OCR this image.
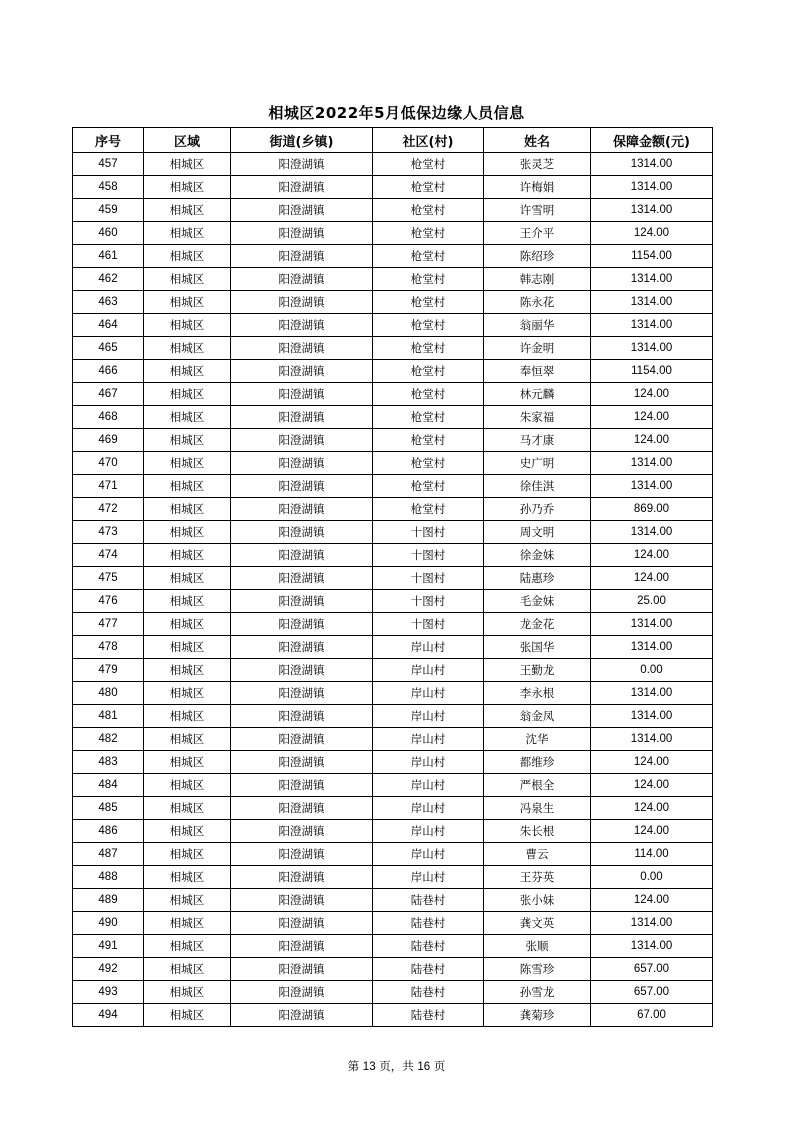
相城区2022年5月低保边缘人员信息
序号	区域	街道(乡镇)	社区(村)	姓名	保障金额(元)
457	相城区	阳澄湖镇	枪堂村	张灵芝	1314.00
458	相城区	阳澄湖镇	枪堂村	许梅娟	1314.00
459	相城区	阳澄湖镇	枪堂村	许雪明	1314.00
460	相城区	阳澄湖镇	枪堂村	王介平	124.00
461	相城区	阳澄湖镇	枪堂村	陈绍珍	1154.00
462	相城区	阳澄湖镇	枪堂村	韩志刚	1314.00
463	相城区	阳澄湖镇	枪堂村	陈永花	1314.00
464	相城区	阳澄湖镇	枪堂村	翁丽华	1314.00
465	相城区	阳澄湖镇	枪堂村	许金明	1314.00
466	相城区	阳澄湖镇	枪堂村	奉恒翠	1154.00
467	相城区	阳澄湖镇	枪堂村	林元麟	124.00
468	相城区	阳澄湖镇	枪堂村	朱家福	124.00
469	相城区	阳澄湖镇	枪堂村	马才康	124.00
470	相城区	阳澄湖镇	枪堂村	史广明	1314.00
471	相城区	阳澄湖镇	枪堂村	徐佳淇	1314.00
472	相城区	阳澄湖镇	枪堂村	孙乃乔	869.00
473	相城区	阳澄湖镇	十图村	周文明	1314.00
474	相城区	阳澄湖镇	十图村	徐金妹	124.00
475	相城区	阳澄湖镇	十图村	陆惠珍	124.00
476	相城区	阳澄湖镇	十图村	毛金妹	25.00
477	相城区	阳澄湖镇	十图村	龙金花	1314.00
478	相城区	阳澄湖镇	岸山村	张国华	1314.00
479	相城区	阳澄湖镇	岸山村	王勤龙	0.00
480	相城区	阳澄湖镇	岸山村	李永根	1314.00
481	相城区	阳澄湖镇	岸山村	翁金凤	1314.00
482	相城区	阳澄湖镇	岸山村	沈华	1314.00
483	相城区	阳澄湖镇	岸山村	都维珍	124.00
484	相城区	阳澄湖镇	岸山村	严根全	124.00
485	相城区	阳澄湖镇	岸山村	冯泉生	124.00
486	相城区	阳澄湖镇	岸山村	朱长根	124.00
487	相城区	阳澄湖镇	岸山村	曹云	114.00
488	相城区	阳澄湖镇	岸山村	王芬英	0.00
489	相城区	阳澄湖镇	陆巷村	张小妹	124.00
490	相城区	阳澄湖镇	陆巷村	龚文英	1314.00
491	相城区	阳澄湖镇	陆巷村	张顺	1314.00
492	相城区	阳澄湖镇	陆巷村	陈雪珍	657.00
493	相城区	阳澄湖镇	陆巷村	孙雪龙	657.00
494	相城区	阳澄湖镇	陆巷村	龚菊珍	67.00
第 13 页，共 16 页
